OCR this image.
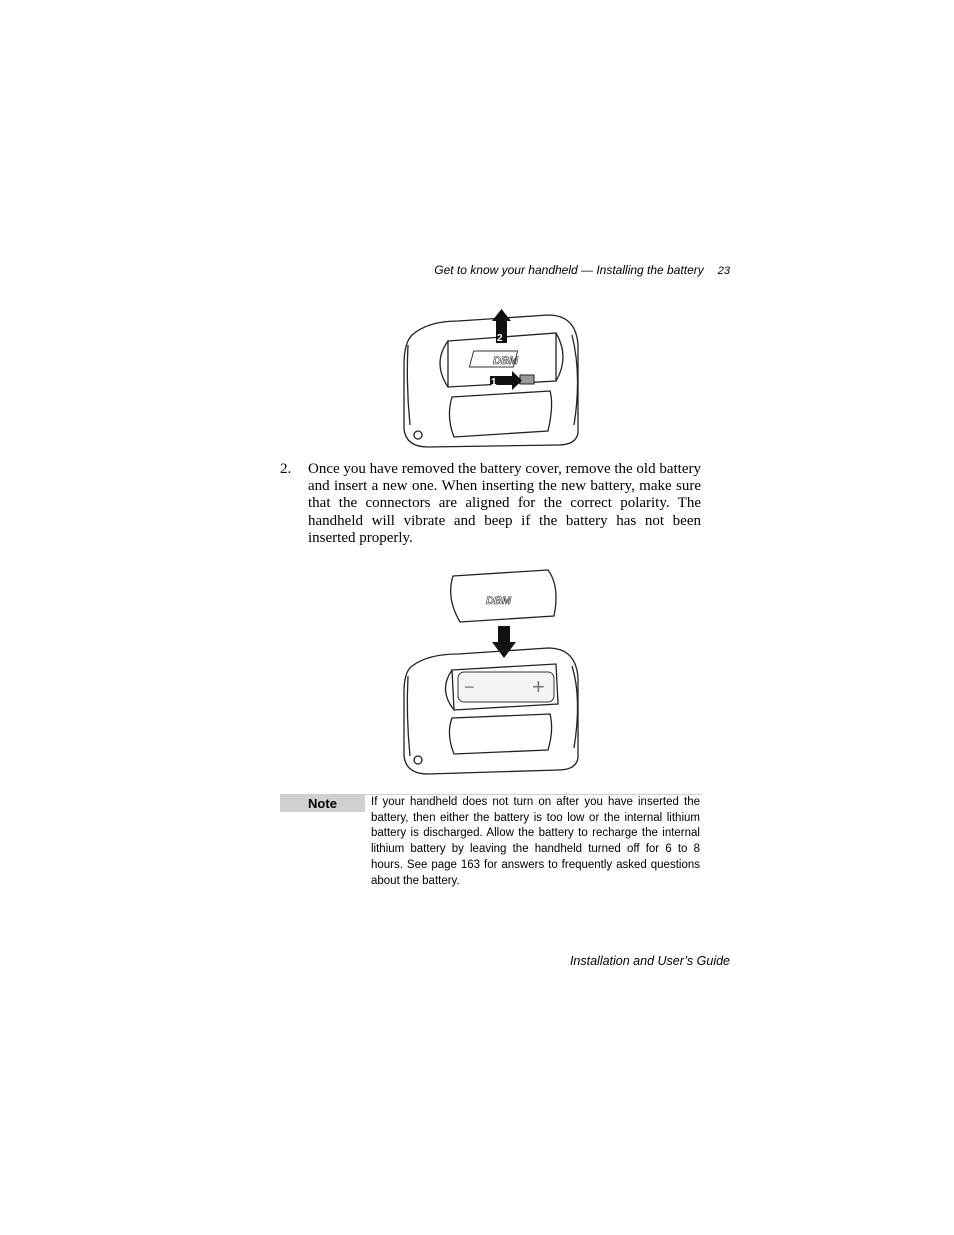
Get to know your handheld — Installing the battery 23
DBM
1
2
2. Once you have removed the battery cover, remove the old battery and insert a new one. When inserting the new battery, make sure that the connectors are aligned for the correct polarity. The handheld will vibrate and beep if the battery has not been inserted properly.
DBM
−	+
Note	If your handheld does not turn on after you have inserted the battery, then either the battery is too low or the internal lithium battery is discharged. Allow the battery to recharge the internal lithium battery by leaving the handheld turned off for 6 to 8 hours. See page 163 for answers to frequently asked questions about the battery.
Installation and User’s Guide
